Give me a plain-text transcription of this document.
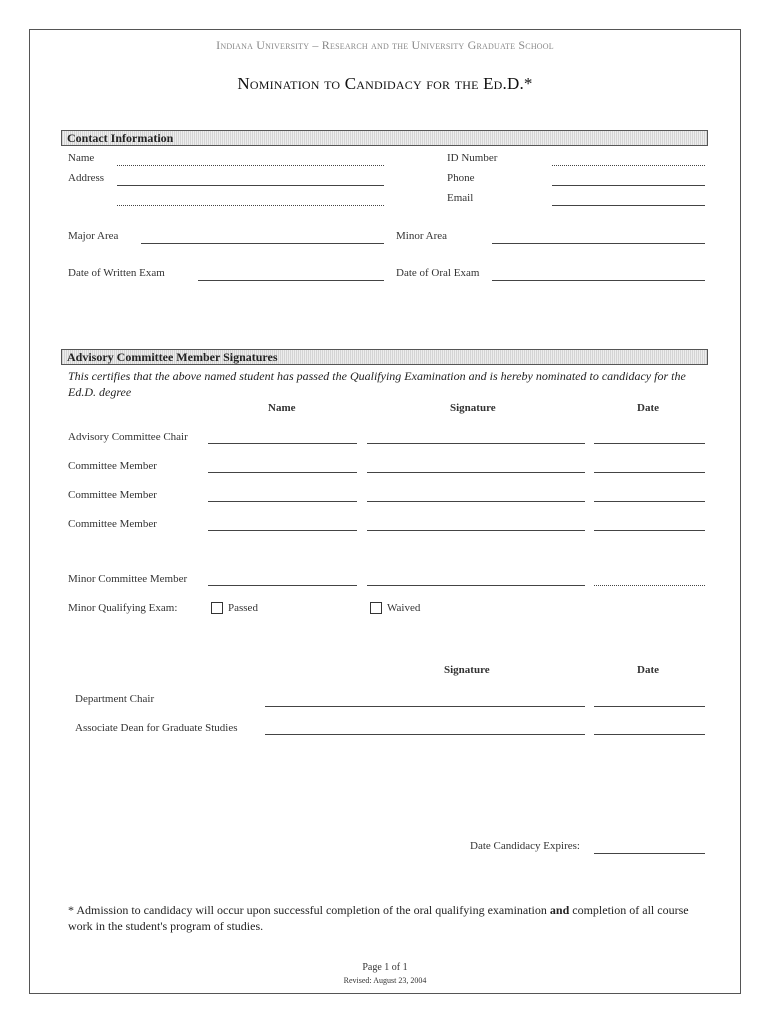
Indiana University – Research and the University Graduate School
Nomination to Candidacy for the Ed.D.*
Contact Information
Name	ID Number
Address	Phone
Email
Major Area	Minor Area
Date of Written Exam	Date of Oral Exam
Advisory Committee Member Signatures
This certifies that the above named student has passed the Qualifying Examination and is hereby nominated to candidacy for the Ed.D. degree
Name	Signature	Date
Advisory Committee Chair
Committee Member
Committee Member
Committee Member
Minor Committee Member
Minor Qualifying Exam:	Passed	Waived
Signature	Date
Department Chair
Associate Dean for Graduate Studies
Date Candidacy Expires:
* Admission to candidacy will occur upon successful completion of the oral qualifying examination and completion of all course work in the student's program of studies.
Page 1 of 1
Revised: August 23, 2004
